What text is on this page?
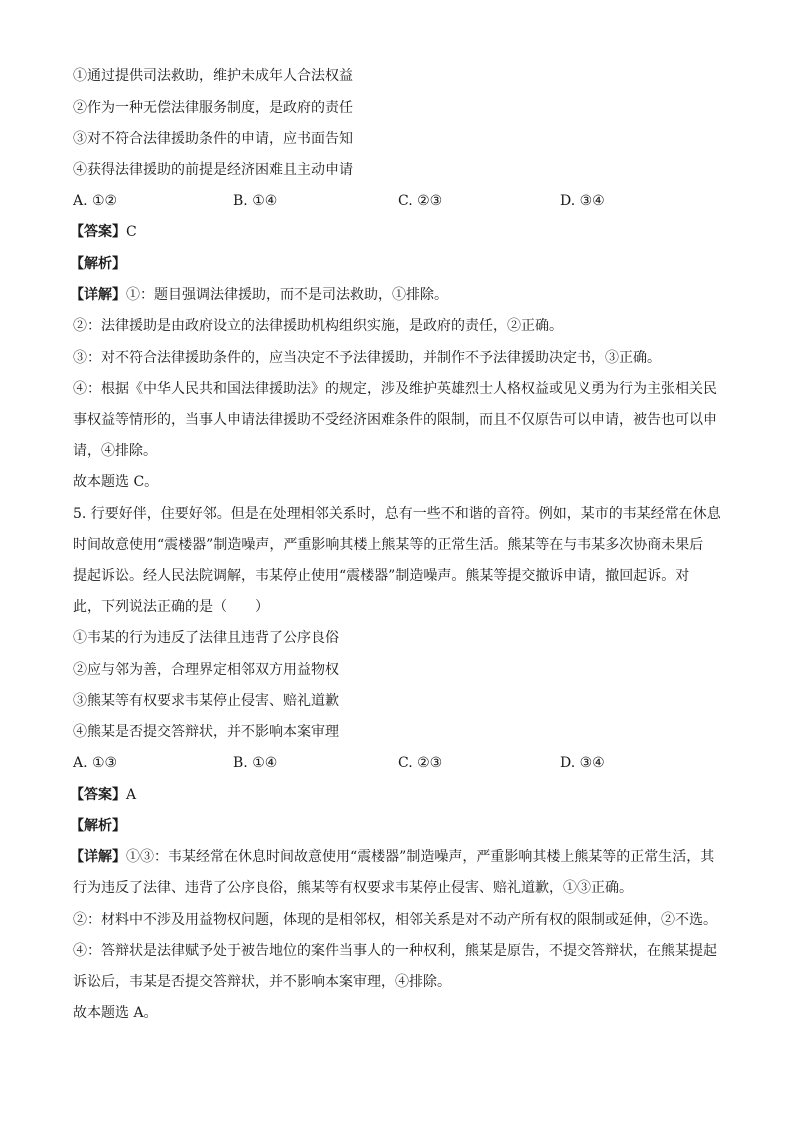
①通过提供司法救助，维护未成年人合法权益
②作为一种无偿法律服务制度，是政府的责任
③对不符合法律援助条件的申请，应书面告知
④获得法律援助的前提是经济困难且主动申请
A. ①②	B. ①④	C. ②③	D. ③④
【答案】C
【解析】
【详解】①：题目强调法律援助，而不是司法救助，①排除。
②：法律援助是由政府设立的法律援助机构组织实施，是政府的责任，②正确。
③：对不符合法律援助条件的，应当决定不予法律援助，并制作不予法律援助决定书，③正确。
④：根据《中华人民共和国法律援助法》的规定，涉及维护英雄烈士人格权益或见义勇为行为主张相关民
事权益等情形的，当事人申请法律援助不受经济困难条件的限制，而且不仅原告可以申请，被告也可以申
请，④排除。
故本题选 C。
5. 行要好伴，住要好邻。但是在处理相邻关系时，总有一些不和谐的音符。例如，某市的韦某经常在休息
时间故意使用“震楼器”制造噪声，严重影响其楼上熊某等的正常生活。熊某等在与韦某多次协商未果后
提起诉讼。经人民法院调解，韦某停止使用“震楼器”制造噪声。熊某等提交撤诉申请，撤回起诉。对
此，下列说法正确的是（　　）
①韦某的行为违反了法律且违背了公序良俗
②应与邻为善，合理界定相邻双方用益物权
③熊某等有权要求韦某停止侵害、赔礼道歉
④熊某是否提交答辩状，并不影响本案审理
A. ①③	B. ①④	C. ②③	D. ③④
【答案】A
【解析】
【详解】①③：韦某经常在休息时间故意使用“震楼器”制造噪声，严重影响其楼上熊某等的正常生活，其
行为违反了法律、违背了公序良俗，熊某等有权要求韦某停止侵害、赔礼道歉，①③正确。
②：材料中不涉及用益物权问题，体现的是相邻权，相邻关系是对不动产所有权的限制或延伸，②不选。
④：答辩状是法律赋予处于被告地位的案件当事人的一种权利，熊某是原告，不提交答辩状，在熊某提起
诉讼后，韦某是否提交答辩状，并不影响本案审理，④排除。
故本题选 A。
